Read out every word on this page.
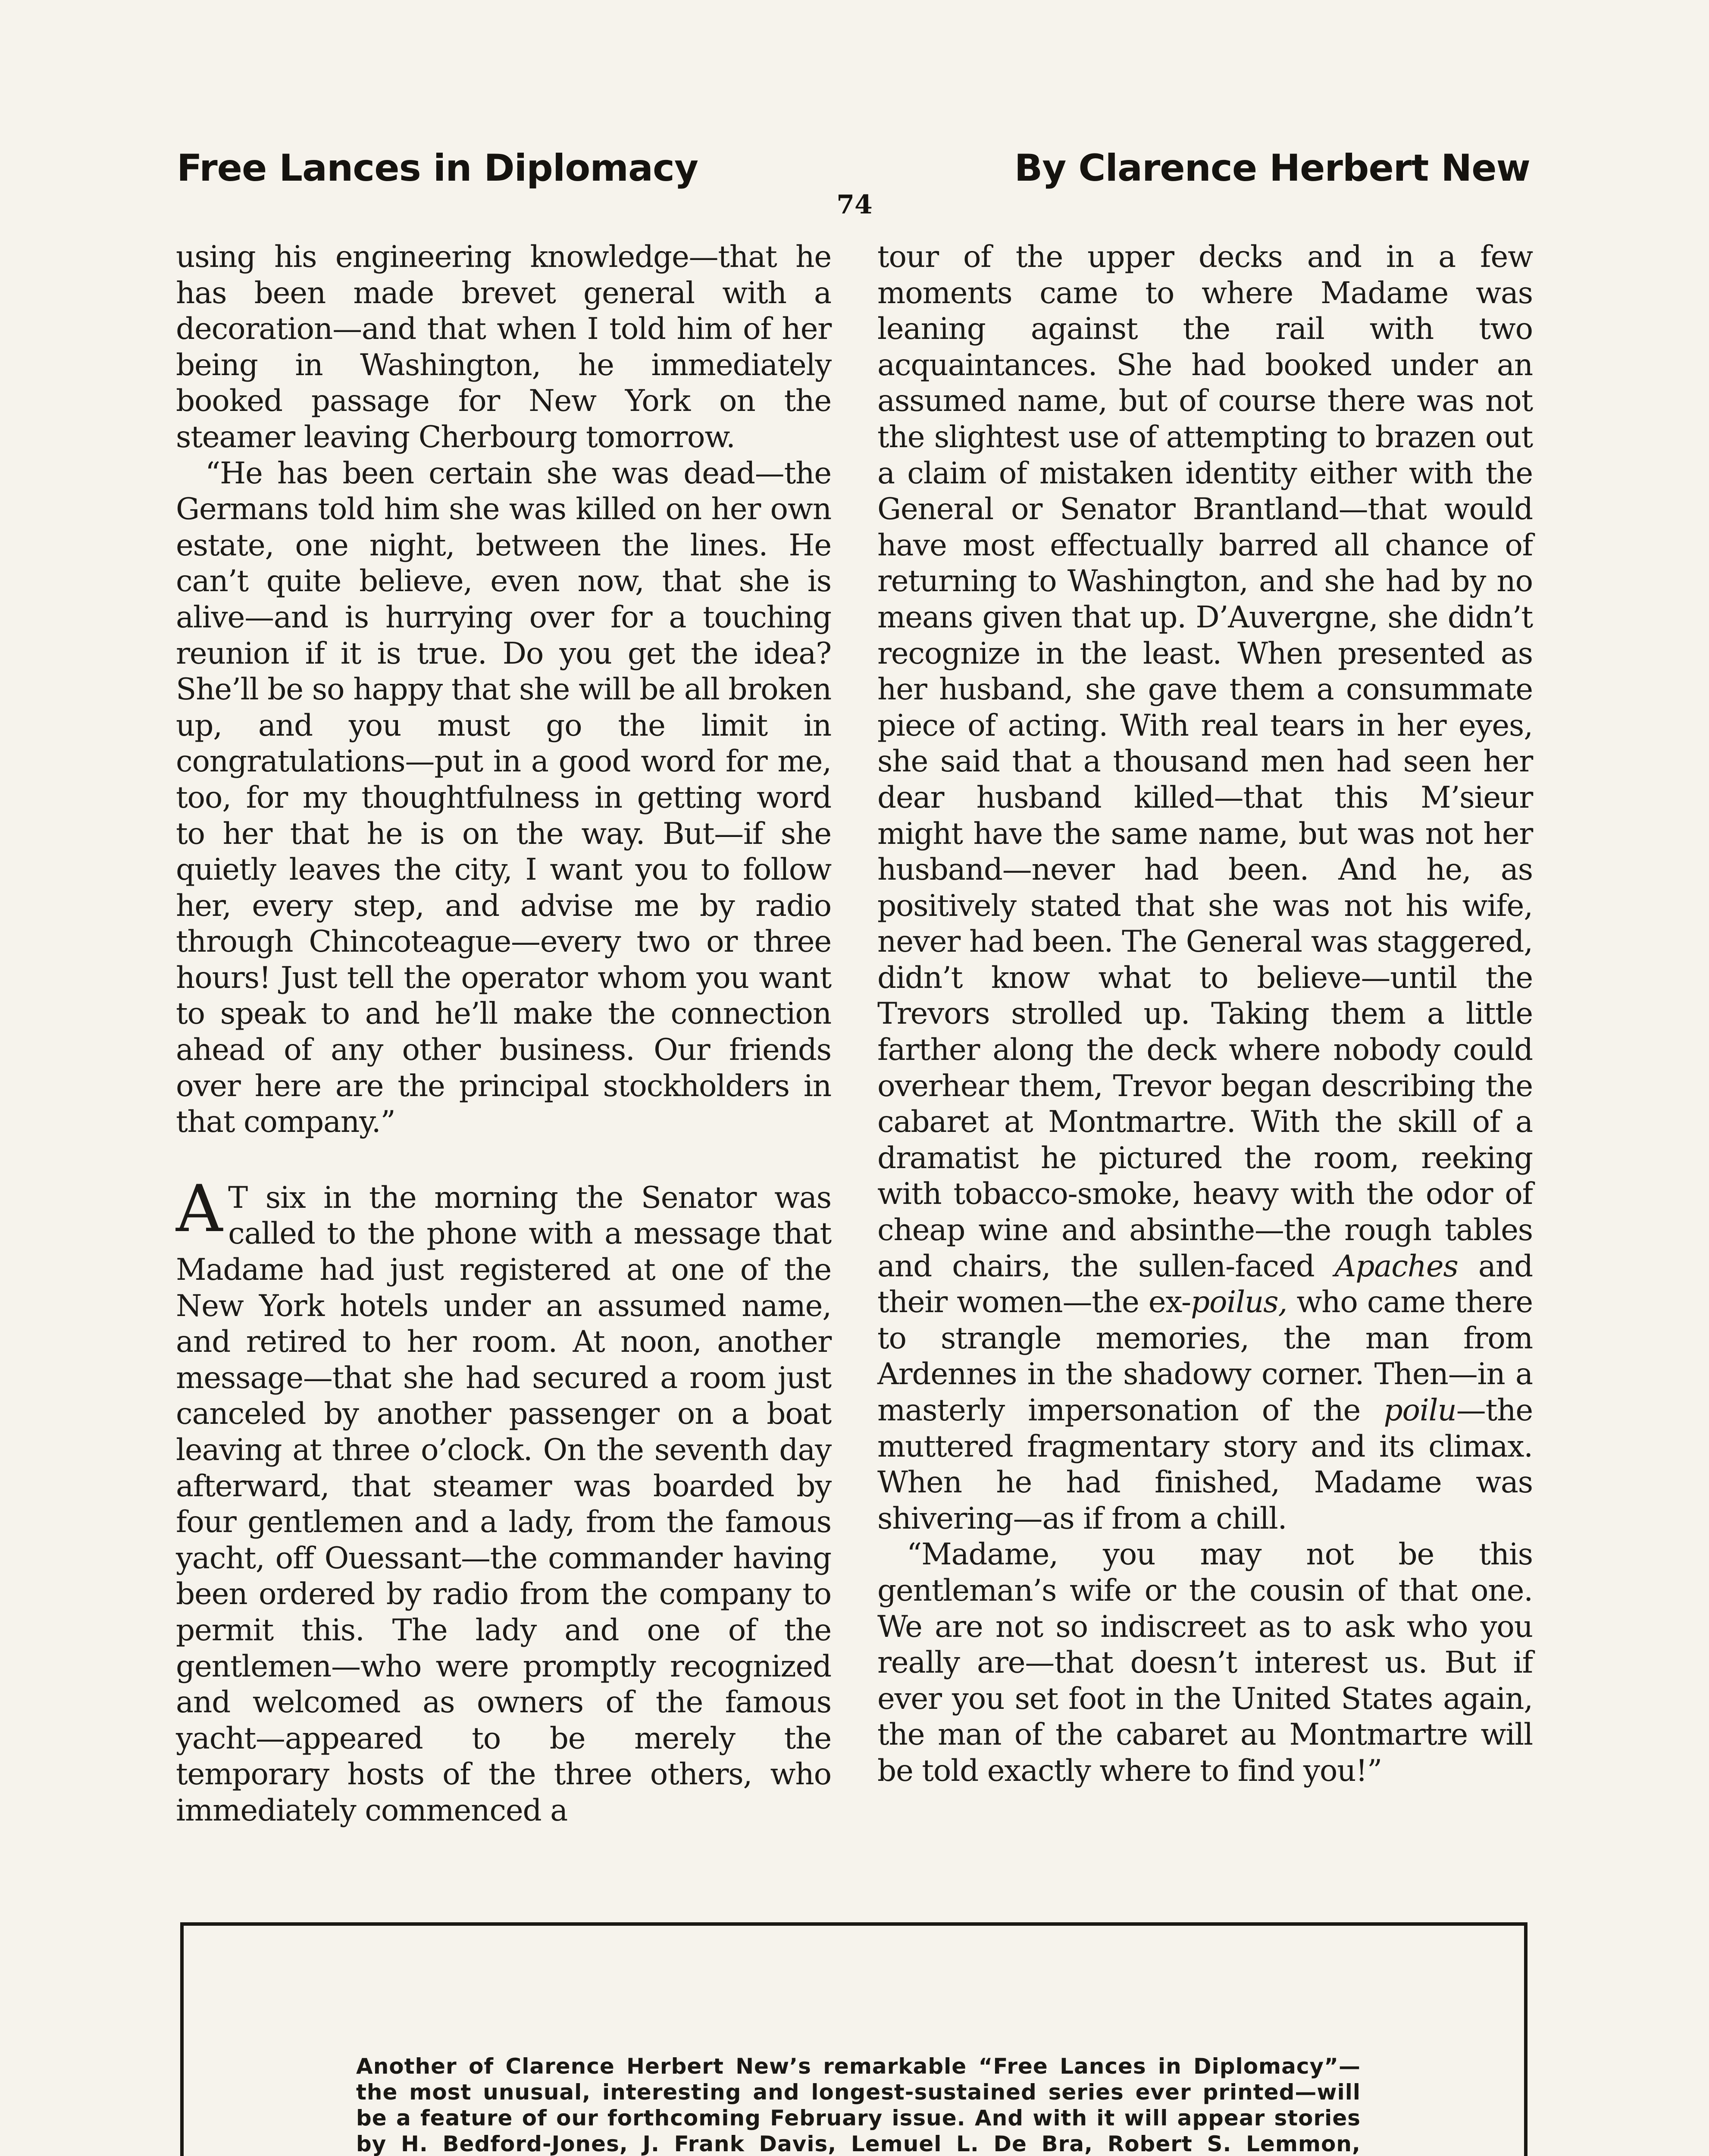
Free Lances in Diplomacy	By Clarence Herbert New
74

using his engineering knowledge—that he has been made brevet general with a decoration—and that when I told him of her being in Washington, he immediately booked passage for New York on the steamer leaving Cherbourg tomorrow.

“He has been certain she was dead—the Germans told him she was killed on her own estate, one night, between the lines. He can’t quite believe, even now, that she is alive—and is hurrying over for a touching reunion if it is true. Do you get the idea? She’ll be so happy that she will be all broken up, and you must go the limit in congratulations—put in a good word for me, too, for my thoughtfulness in getting word to her that he is on the way. But—if she quietly leaves the city, I want you to follow her, every step, and advise me by radio through Chincoteague—every two or three hours! Just tell the operator whom you want to speak to and he’ll make the connection ahead of any other business. Our friends over here are the principal stockholders in that company.”

A T six in the morning the Senator was called to the phone with a message that Madame had just registered at one of the New York hotels under an assumed name, and retired to her room. At noon, another message—that she had secured a room just canceled by another passenger on a boat leaving at three o’clock. On the seventh day afterward, that steamer was boarded by four gentlemen and a lady, from the famous yacht, off Ouessant—the commander having been ordered by radio from the company to permit this. The lady and one of the gentlemen—who were promptly recognized and welcomed as owners of the famous yacht—appeared to be merely the temporary hosts of the three others, who immediately commenced a

tour of the upper decks and in a few moments came to where Madame was leaning against the rail with two acquaintances. She had booked under an assumed name, but of course there was not the slightest use of attempting to brazen out a claim of mistaken identity either with the General or Senator Brantland—that would have most effectually barred all chance of returning to Washington, and she had by no means given that up. D’Auvergne, she didn’t recognize in the least. When presented as her husband, she gave them a consummate piece of acting. With real tears in her eyes, she said that a thousand men had seen her dear husband killed—that this M’sieur might have the same name, but was not her husband—never had been. And he, as positively stated that she was not his wife, never had been. The General was staggered, didn’t know what to believe—until the Trevors strolled up. Taking them a little farther along the deck where nobody could overhear them, Trevor began describing the cabaret at Montmartre. With the skill of a dramatist he pictured the room, reeking with tobacco-smoke, heavy with the odor of cheap wine and absinthe—the rough tables and chairs, the sullen-faced Apaches and their women—the ex-poilus, who came there to strangle memories, the man from Ardennes in the shadowy corner. Then—in a masterly impersonation of the poilu—the muttered fragmentary story and its climax. When he had finished, Madame was shivering—as if from a chill.

“Madame, you may not be this gentleman’s wife or the cousin of that one. We are not so indiscreet as to ask who you really are—that doesn’t interest us. But if ever you set foot in the United States again, the man of the cabaret au Montmartre will be told exactly where to find you!”

Another of Clarence Herbert New’s remarkable “Free Lances in Diplomacy”— the most unusual, interesting and longest-sustained series ever printed—will be a feature of our forthcoming February issue. And with it will appear stories by H. Bedford-Jones, J. Frank Davis, Lemuel L. De Bra, Robert S. Lemmon,
